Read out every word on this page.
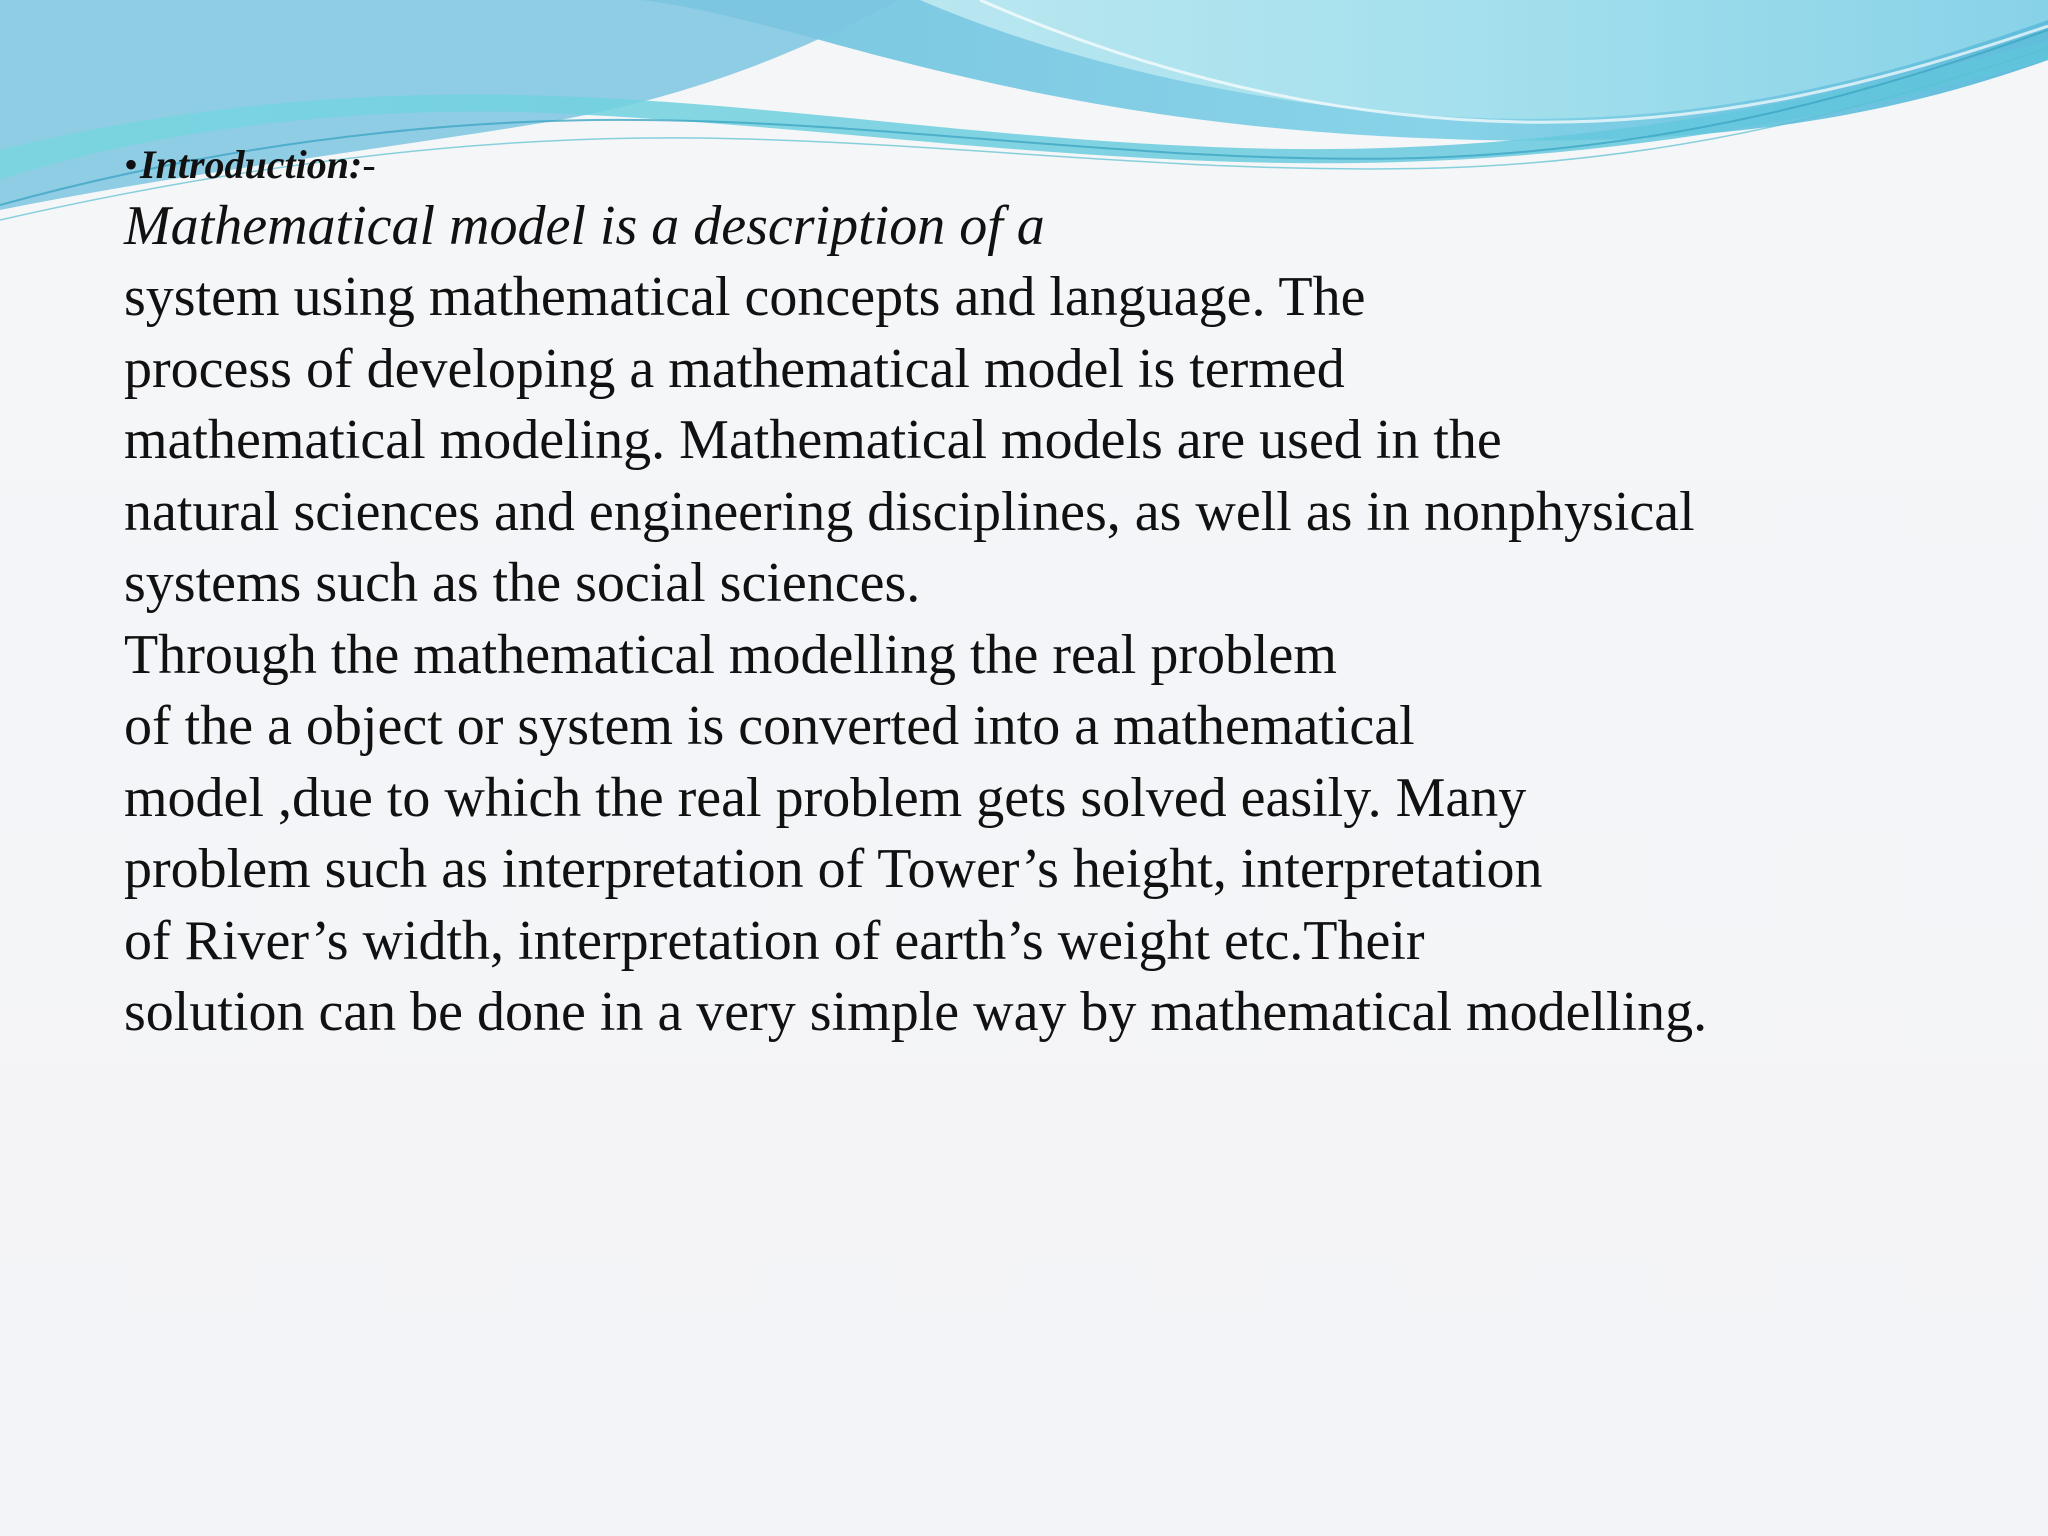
•Introduction:-
Mathematical model is a description of a
system using mathematical concepts and language. The
process of developing a mathematical model is termed
mathematical modeling. Mathematical models are used in the
natural sciences and engineering disciplines, as well as in nonphysical
systems such as the social sciences.
Through the mathematical modelling the real problem
of the a object or system is converted into a mathematical
model ,due to which the real problem gets solved easily. Many
problem such as interpretation of Tower’s height, interpretation
of River’s width, interpretation of earth’s weight etc.Their
solution can be done in a very simple way by mathematical modelling.
